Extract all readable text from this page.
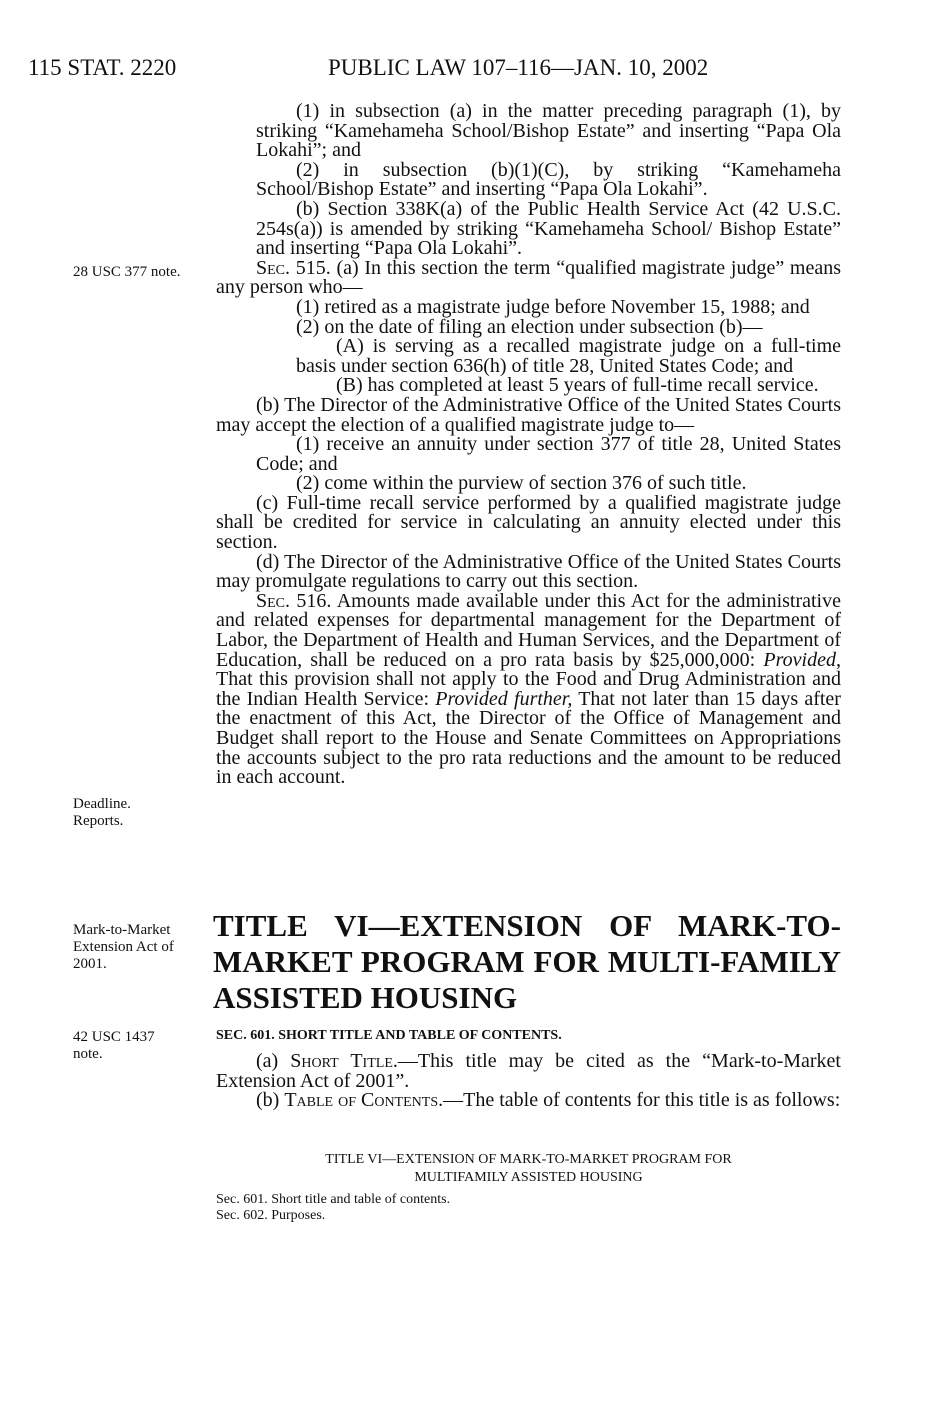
115 STAT. 2220	PUBLIC LAW 107–116—JAN. 10, 2002
28 USC 377 note.
Deadline.
Reports.
Mark-to-Market
Extension Act of
2001.
42 USC 1437
note.

(1) in subsection (a) in the matter preceding paragraph (1), by striking “Kamehameha School/Bishop Estate” and inserting “Papa Ola Lokahi”; and

(2) in subsection (b)(1)(C), by striking “Kamehameha School/Bishop Estate” and inserting “Papa Ola Lokahi”.

(b) Section 338K(a) of the Public Health Service Act (42 U.S.C. 254s(a)) is amended by striking “Kamehameha School/ Bishop Estate” and inserting “Papa Ola Lokahi”.

Sec. 515. (a) In this section the term “qualified magistrate judge” means any person who—

(1) retired as a magistrate judge before November 15, 1988; and

(2) on the date of filing an election under subsection (b)—

(A) is serving as a recalled magistrate judge on a full-time basis under section 636(h) of title 28, United States Code; and

(B) has completed at least 5 years of full-time recall service.

(b) The Director of the Administrative Office of the United States Courts may accept the election of a qualified magistrate judge to—

(1) receive an annuity under section 377 of title 28, United States Code; and

(2) come within the purview of section 376 of such title.

(c) Full-time recall service performed by a qualified magistrate judge shall be credited for service in calculating an annuity elected under this section.

(d) The Director of the Administrative Office of the United States Courts may promulgate regulations to carry out this section.

Sec. 516. Amounts made available under this Act for the administrative and related expenses for departmental management for the Department of Labor, the Department of Health and Human Services, and the Department of Education, shall be reduced on a pro rata basis by $25,000,000: Provided, That this provision shall not apply to the Food and Drug Administration and the Indian Health Service: Provided further, That not later than 15 days after the enactment of this Act, the Director of the Office of Management and Budget shall report to the House and Senate Committees on Appropriations the accounts subject to the pro rata reductions and the amount to be reduced in each account.

TITLE VI—EXTENSION OF MARK-TO-MARKET PROGRAM FOR MULTI-FAMILY ASSISTED HOUSING

SEC. 601. SHORT TITLE AND TABLE OF CONTENTS.

(a) Short Title.—This title may be cited as the “Mark-to-Market Extension Act of 2001”.

(b) Table of Contents.—The table of contents for this title is as follows:

TITLE VI—EXTENSION OF MARK-TO-MARKET PROGRAM FOR
MULTIFAMILY ASSISTED HOUSING
Sec. 601. Short title and table of contents.
Sec. 602. Purposes.
